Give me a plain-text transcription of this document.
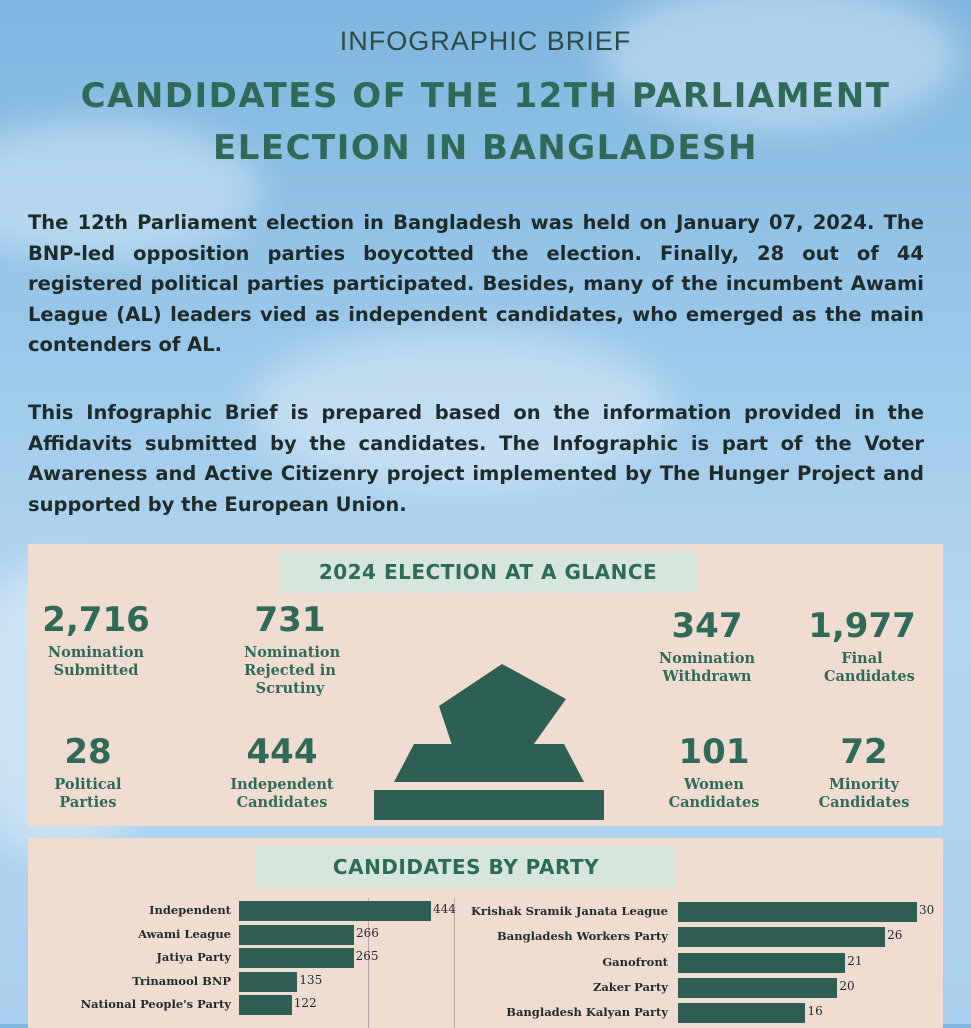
INFOGRAPHIC BRIEF
CANDIDATES OF THE 12TH PARLIAMENT
ELECTION IN BANGLADESH

The 12th Parliament election in Bangladesh was held on January 07, 2024. The BNP-led opposition parties boycotted the election. Finally, 28 out of 44 registered political parties participated. Besides, many of the incumbent Awami League (AL) leaders vied as independent candidates, who emerged as the main contenders of AL.

This Infographic Brief is prepared based on the information provided in the Affidavits submitted by the candidates. The Infographic is part of the Voter Awareness and Active Citizenry project implemented by The Hunger Project and supported by the European Union.

2024 ELECTION AT A GLANCE
2,716
Nomination Submitted
731
Nomination Rejected in Scrutiny
347
Nomination Withdrawn
1,977
Final Candidates
28
Political Parties
444
Independent Candidates
101
Women Candidates
72
Minority Candidates
CANDIDATES BY PARTY
Independent	444
Awami League	266
Jatiya Party	265
Trinamool BNP	135
National People's Party	122
Krishak Sramik Janata League	30
Bangladesh Workers Party	26
Ganofront	21
Zaker Party	20
Bangladesh Kalyan Party	16
